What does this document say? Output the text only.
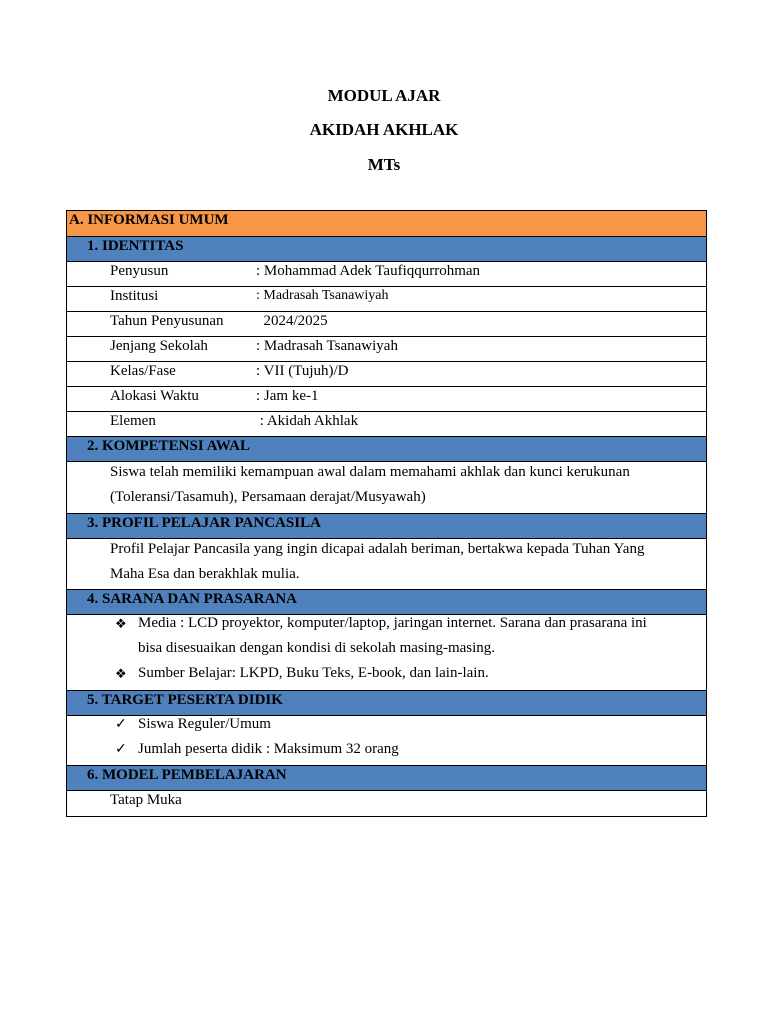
MODUL AJAR
AKIDAH AKHLAK
MTs
A. INFORMASI UMUM
1. IDENTITAS
Penyusun	: Mohammad Adek Taufiqqurrohman
Institusi	: Madrasah Tsanawiyah
Tahun Penyusunan 2024/2025
Jenjang Sekolah	: Madrasah Tsanawiyah
Kelas/Fase	: VII (Tujuh)/D
Alokasi Waktu	: Jam ke-1
Elemen	: Akidah Akhlak
2. KOMPETENSI AWAL
Siswa telah memiliki kemampuan awal dalam memahami akhlak dan kunci kerukunan
(Toleransi/Tasamuh), Persamaan derajat/Musyawah)
3. PROFIL PELAJAR PANCASILA
Profil Pelajar Pancasila yang ingin dicapai adalah beriman, bertakwa kepada Tuhan Yang
Maha Esa dan berakhlak mulia.
4. SARANA DAN PRASARANA
❖ Media : LCD proyektor, komputer/laptop, jaringan internet. Sarana dan prasarana ini
bisa disesuaikan dengan kondisi di sekolah masing-masing.
❖ Sumber Belajar: LKPD, Buku Teks, E-book, dan lain-lain.
5. TARGET PESERTA DIDIK
✓ Siswa Reguler/Umum
✓ Jumlah peserta didik : Maksimum 32 orang
6. MODEL PEMBELAJARAN
Tatap Muka
